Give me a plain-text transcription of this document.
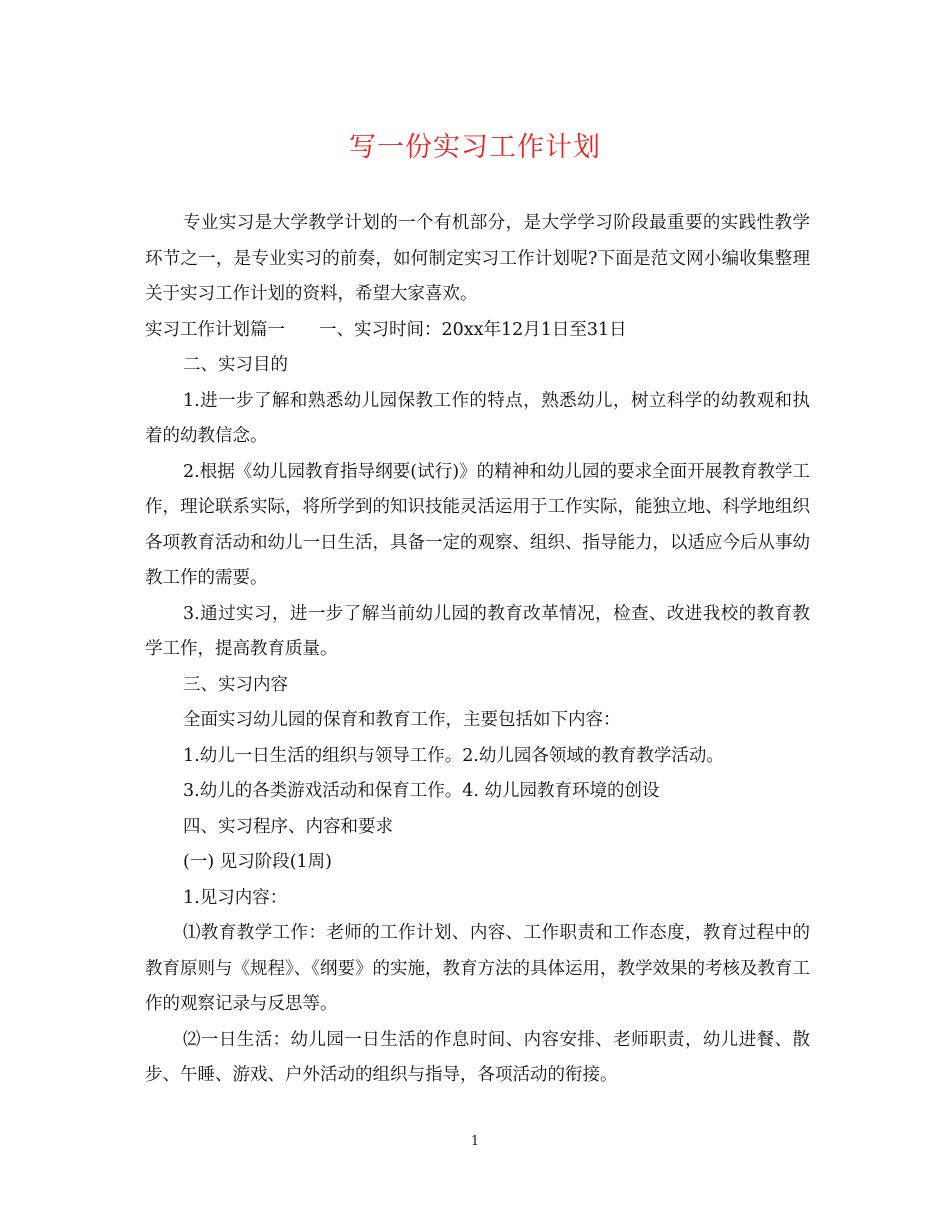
写一份实习工作计划

专业实习是大学教学计划的一个有机部分，是大学学习阶段最重要的实践性教学环节之一，是专业实习的前奏，如何制定实习工作计划呢?下面是范文网小编收集整理关于实习工作计划的资料，希望大家喜欢。

实习工作计划篇一 一、实习时间：20xx年12月1日至31日

二、实习目的

1.进一步了解和熟悉幼儿园保教工作的特点，熟悉幼儿，树立科学的幼教观和执着的幼教信念。

2.根据《幼儿园教育指导纲要(试行)》的精神和幼儿园的要求全面开展教育教学工作，理论联系实际，将所学到的知识技能灵活运用于工作实际，能独立地、科学地组织各项教育活动和幼儿一日生活，具备一定的观察、组织、指导能力，以适应今后从事幼教工作的需要。

3.通过实习，进一步了解当前幼儿园的教育改革情况，检查、改进我校的教育教学工作，提高教育质量。

三、实习内容

全面实习幼儿园的保育和教育工作，主要包括如下内容：

1.幼儿一日生活的组织与领导工作。2.幼儿园各领域的教育教学活动。

3.幼儿的各类游戏活动和保育工作。4. 幼儿园教育环境的创设

四、实习程序、内容和要求

(一) 见习阶段(1周)

1.见习内容：

⑴教育教学工作：老师的工作计划、内容、工作职责和工作态度，教育过程中的教育原则与《规程》、《纲要》的实施，教育方法的具体运用，教学效果的考核及教育工作的观察记录与反思等。

⑵一日生活：幼儿园一日生活的作息时间、内容安排、老师职责，幼儿进餐、散步、午睡、游戏、户外活动的组织与指导，各项活动的衔接。

1
